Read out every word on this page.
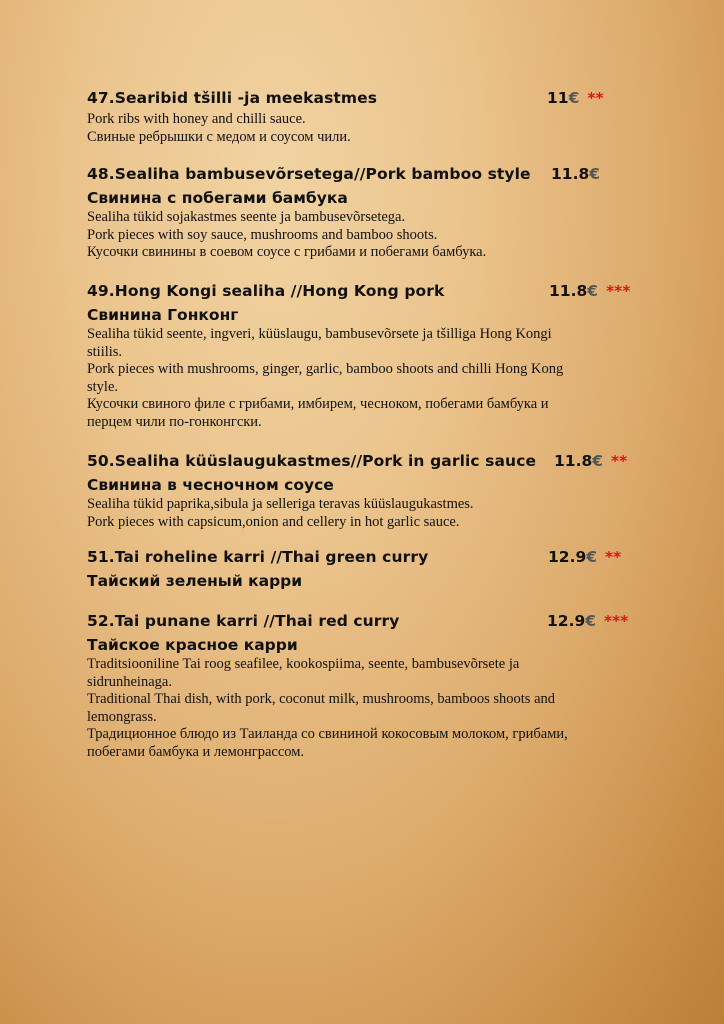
47.Searibid tšilli -ja meekastmes	11€ **

Pork ribs with honey and chilli sauce.

Свиные ребрышки с медом и соусом чили.

48.Sealiha bambusevõrsetega//Pork bamboo style 11.8€
Свинина с побегами бамбука

Sealiha tükid sojakastmes seente ja bambusevõrsetega.

Pork pieces with soy sauce, mushrooms and bamboo shoots.

Кусочки свинины в соевом соусе с грибами и побегами бамбука.

49.Hong Kongi sealiha //Hong Kong pork	11.8€ ***
Свинина Гонконг

Sealiha tükid seente, ingveri, küüslaugu, bambusevõrsete ja tšilliga Hong Kongi

stiilis.

Pork pieces with mushrooms, ginger, garlic, bamboo shoots and chilli Hong Kong

style.

Кусочки свиного филе с грибами, имбирем, чесноком, побегами бамбука и

перцем чили по-гонконгски.

50.Sealiha küüslaugukastmes//Pork in garlic sauce 11.8€ **
Свинина в чесночном соусе

Sealiha tükid paprika,sibula ja selleriga teravas küüslaugukastmes.

Pork pieces with capsicum,onion and cellery in hot garlic sauce.

51.Tai roheline karri //Thai green curry	12.9€ **
Тайский зеленый карри
52.Tai punane karri //Thai red curry	12.9€ ***
Тайское красное карри

Traditsiooniline Tai roog seafilee, kookospiima, seente, bambusevõrsete ja

sidrunheinaga.

Traditional Thai dish, with pork, coconut milk, mushrooms, bamboos shoots and

lemongrass.

Традиционное блюдо из Таиланда со свининой кокосовым молоком, грибами,

побегами бамбука и лемонграссом.
